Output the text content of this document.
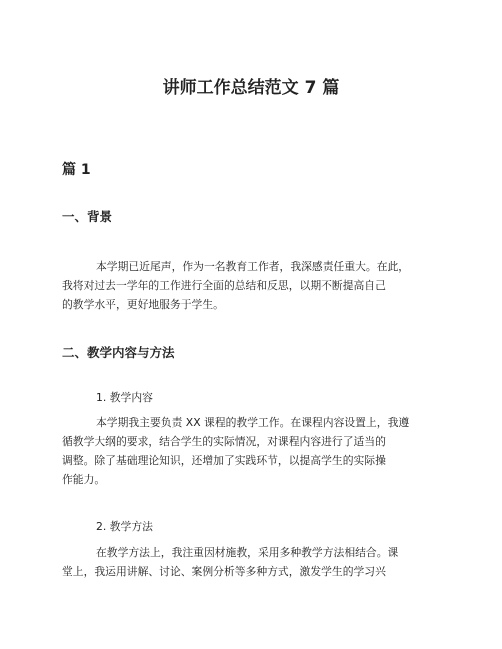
讲师工作总结范文 7 篇
篇 1
一、背景
本学期已近尾声，作为一名教育工作者，我深感责任重大。在此，
我将对过去一学年的工作进行全面的总结和反思，以期不断提高自己
的教学水平，更好地服务于学生。
二、教学内容与方法
1. 教学内容
本学期我主要负责 XX 课程的教学工作。在课程内容设置上，我遵
循教学大纲的要求，结合学生的实际情况，对课程内容进行了适当的
调整。除了基础理论知识，还增加了实践环节，以提高学生的实际操
作能力。
2. 教学方法
在教学方法上，我注重因材施教，采用多种教学方法相结合。课
堂上，我运用讲解、讨论、案例分析等多种方式，激发学生的学习兴
